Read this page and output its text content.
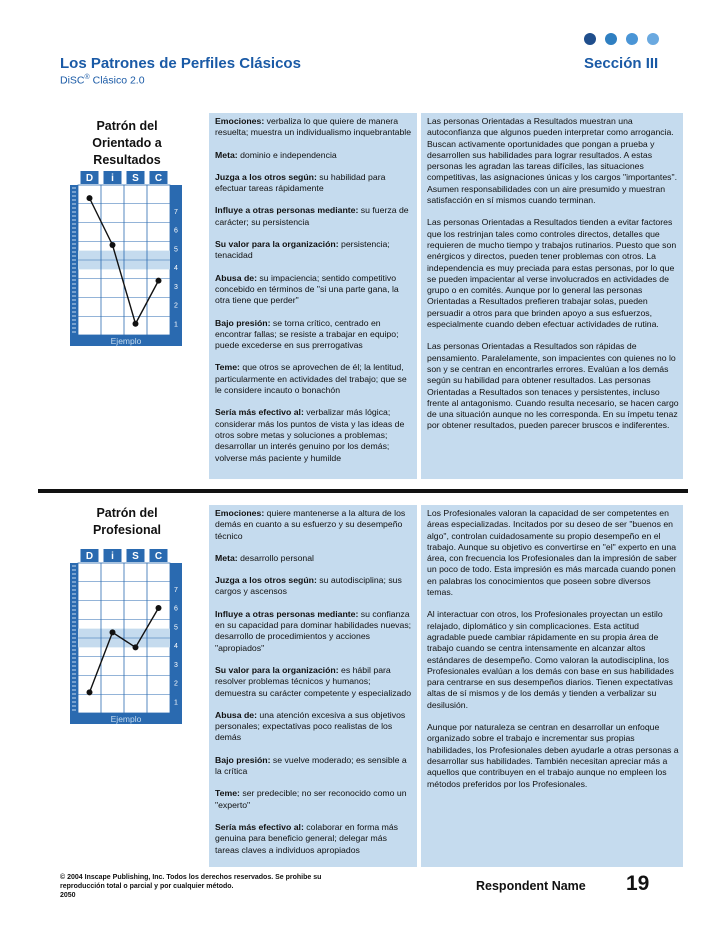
Los Patrones de Perfiles Clásicos
DiSC® Clásico 2.0
Sección III
Patrón del
Orientado a
Resultados
7
6
5
4
3
2
1
D i S C
Ejemplo

Emociones: verbaliza lo que quiere de manera resuelta; muestra un individualismo inquebrantable

Meta: dominio e independencia

Juzga a los otros según: su habilidad para efectuar tareas rápidamente

Influye a otras personas mediante: su fuerza de carácter; su persistencia

Su valor para la organización: persistencia; tenacidad

Abusa de: su impaciencia; sentido competitivo concebido en términos de "si una parte gana, la otra tiene que perder"

Bajo presión: se torna crítico, centrado en encontrar fallas; se resiste a trabajar en equipo; puede excederse en sus prerrogativas

Teme: que otros se aprovechen de él; la lentitud, particularmente en actividades del trabajo; que se le considere incauto o bonachón

Sería más efectivo al: verbalizar más lógica; considerar más los puntos de vista y las ideas de otros sobre metas y soluciones a problemas; desarrollar un interés genuino por los demás; volverse más paciente y humilde

Las personas Orientadas a Resultados muestran una autoconfianza que algunos pueden interpretar como arrogancia. Buscan activamente oportunidades que pongan a prueba y desarrollen sus habilidades para lograr resultados. A estas personas les agradan las tareas difíciles, las situaciones competitivas, las asignaciones únicas y los cargos "importantes". Asumen responsabilidades con un aire presumido y muestran satisfacción en sí mismos cuando terminan.

Las personas Orientadas a Resultados tienden a evitar factores que los restrinjan tales como controles directos, detalles que requieren de mucho tiempo y trabajos rutinarios. Puesto que son enérgicos y directos, pueden tener problemas con otros. La independencia es muy preciada para estas personas, por lo que se pueden impacientar al verse involucrados en actividades de grupo o en comités. Aunque por lo general las personas Orientadas a Resultados prefieren trabajar solas, pueden persuadir a otros para que brinden apoyo a sus esfuerzos, especialmente cuando deben efectuar actividades de rutina.

Las personas Orientadas a Resultados son rápidas de pensamiento. Paralelamente, son impacientes con quienes no lo son y se centran en encontrarles errores. Evalúan a los demás según su habilidad para obtener resultados. Las personas Orientadas a Resultados son tenaces y persistentes, incluso frente al antagonismo. Cuando resulta necesario, se hacen cargo de una situación aunque no les corresponda. En su ímpetu tenaz por obtener resultados, pueden parecer bruscos e indiferentes.

Patrón del
Profesional
7
6
5
4
3
2
1
D i S C
Ejemplo

Emociones: quiere mantenerse a la altura de los demás en cuanto a su esfuerzo y su desempeño técnico

Meta: desarrollo personal

Juzga a los otros según: su autodisciplina; sus cargos y ascensos

Influye a otras personas mediante: su confianza en su capacidad para dominar habilidades nuevas; desarrollo de procedimientos y acciones "apropiados"

Su valor para la organización: es hábil para resolver problemas técnicos y humanos; demuestra su carácter competente y especializado

Abusa de: una atención excesiva a sus objetivos personales; expectativas poco realistas de los demás

Bajo presión: se vuelve moderado; es sensible a la crítica

Teme: ser predecible; no ser reconocido como un "experto"

Sería más efectivo al: colaborar en forma más genuina para beneficio general; delegar más tareas claves a individuos apropiados

Los Profesionales valoran la capacidad de ser competentes en áreas especializadas. Incitados por su deseo de ser "buenos en algo", controlan cuidadosamente su propio desempeño en el trabajo. Aunque su objetivo es convertirse en "el" experto en una área, con frecuencia los Profesionales dan la impresión de saber un poco de todo. Esta impresión es más marcada cuando ponen en palabras los conocimientos que poseen sobre diversos temas.

Al interactuar con otros, los Profesionales proyectan un estilo relajado, diplomático y sin complicaciones. Esta actitud agradable puede cambiar rápidamente en su propia área de trabajo cuando se centra intensamente en alcanzar altos estándares de desempeño. Como valoran la autodisciplina, los Profesionales evalúan a los demás con base en sus habilidades para centrarse en sus desempeños diarios. Tienen expectativas altas de sí mismos y de los demás y tienden a verbalizar su desilusión.

Aunque por naturaleza se centran en desarrollar un enfoque organizado sobre el trabajo e incrementar sus propias habilidades, los Profesionales deben ayudarle a otras personas a desarrollar sus habilidades. También necesitan apreciar más a aquellos que contribuyen en el trabajo aunque no empleen los métodos preferidos por los Profesionales.

© 2004 Inscape Publishing, Inc. Todos los derechos reservados. Se prohibe su reproducción total o parcial y por cualquier método.
2050
Respondent Name 19
